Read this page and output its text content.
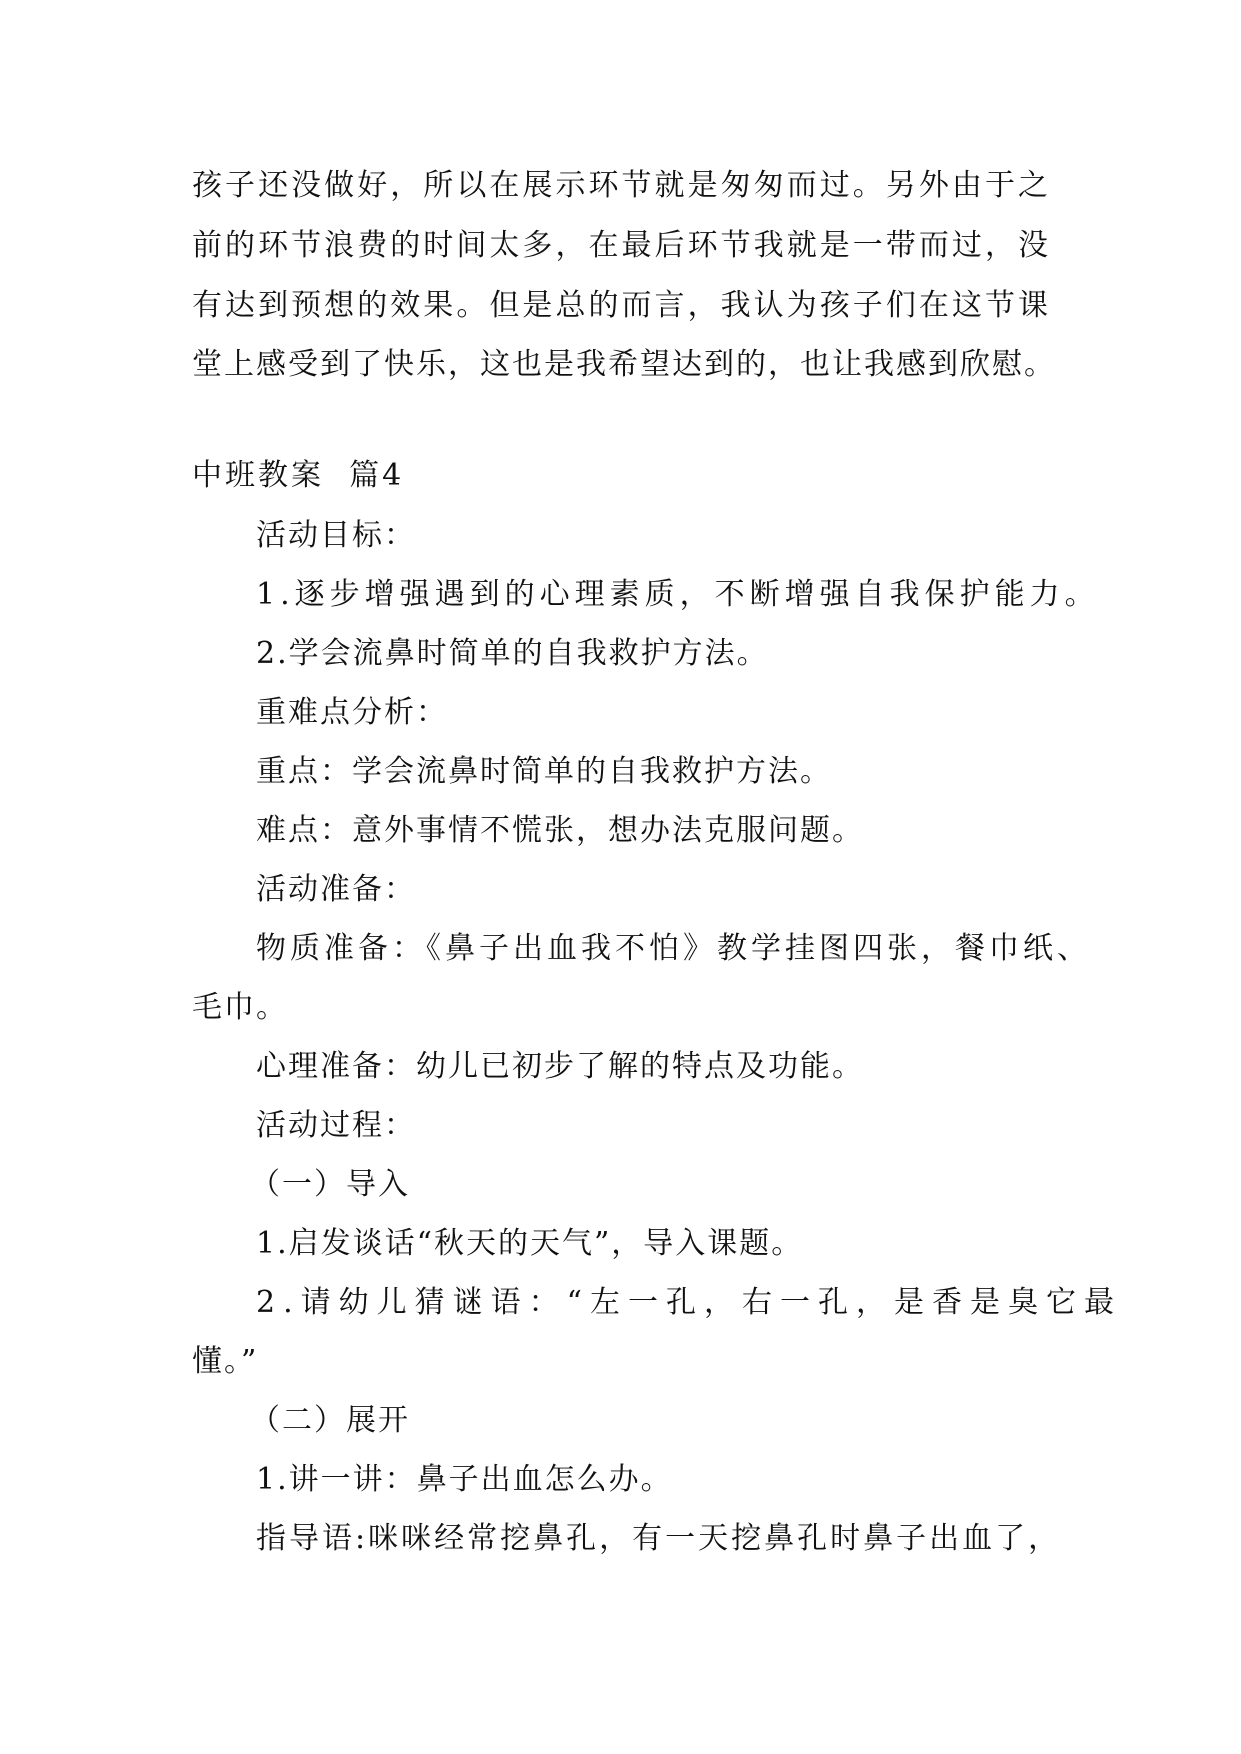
孩子还没做好，所以在展示环节就是匆匆而过。另外由于之
前的环节浪费的时间太多，在最后环节我就是一带而过，没
有达到预想的效果。但是总的而言，我认为孩子们在这节课
堂上感受到了快乐，这也是我希望达到的，也让我感到欣慰。
中班教案  篇4
活动目标：
1.逐步增强遇到的心理素质，不断增强自我保护能力。
2.学会流鼻时简单的自我救护方法。
重难点分析：
重点：学会流鼻时简单的自我救护方法。
难点：意外事情不慌张，想办法克服问题。
活动准备：
物质准备：《鼻子出血我不怕》教学挂图四张，餐巾纸、
毛巾。
心理准备：幼儿已初步了解的特点及功能。
活动过程：
（一）导入
1.启发谈话“秋天的天气”，导入课题。
2.请幼儿猜谜语：“左一孔，右一孔，是香是臭它最
懂。”
（二）展开
1.讲一讲：鼻子出血怎么办。
指导语:咪咪经常挖鼻孔，有一天挖鼻孔时鼻子出血了，
